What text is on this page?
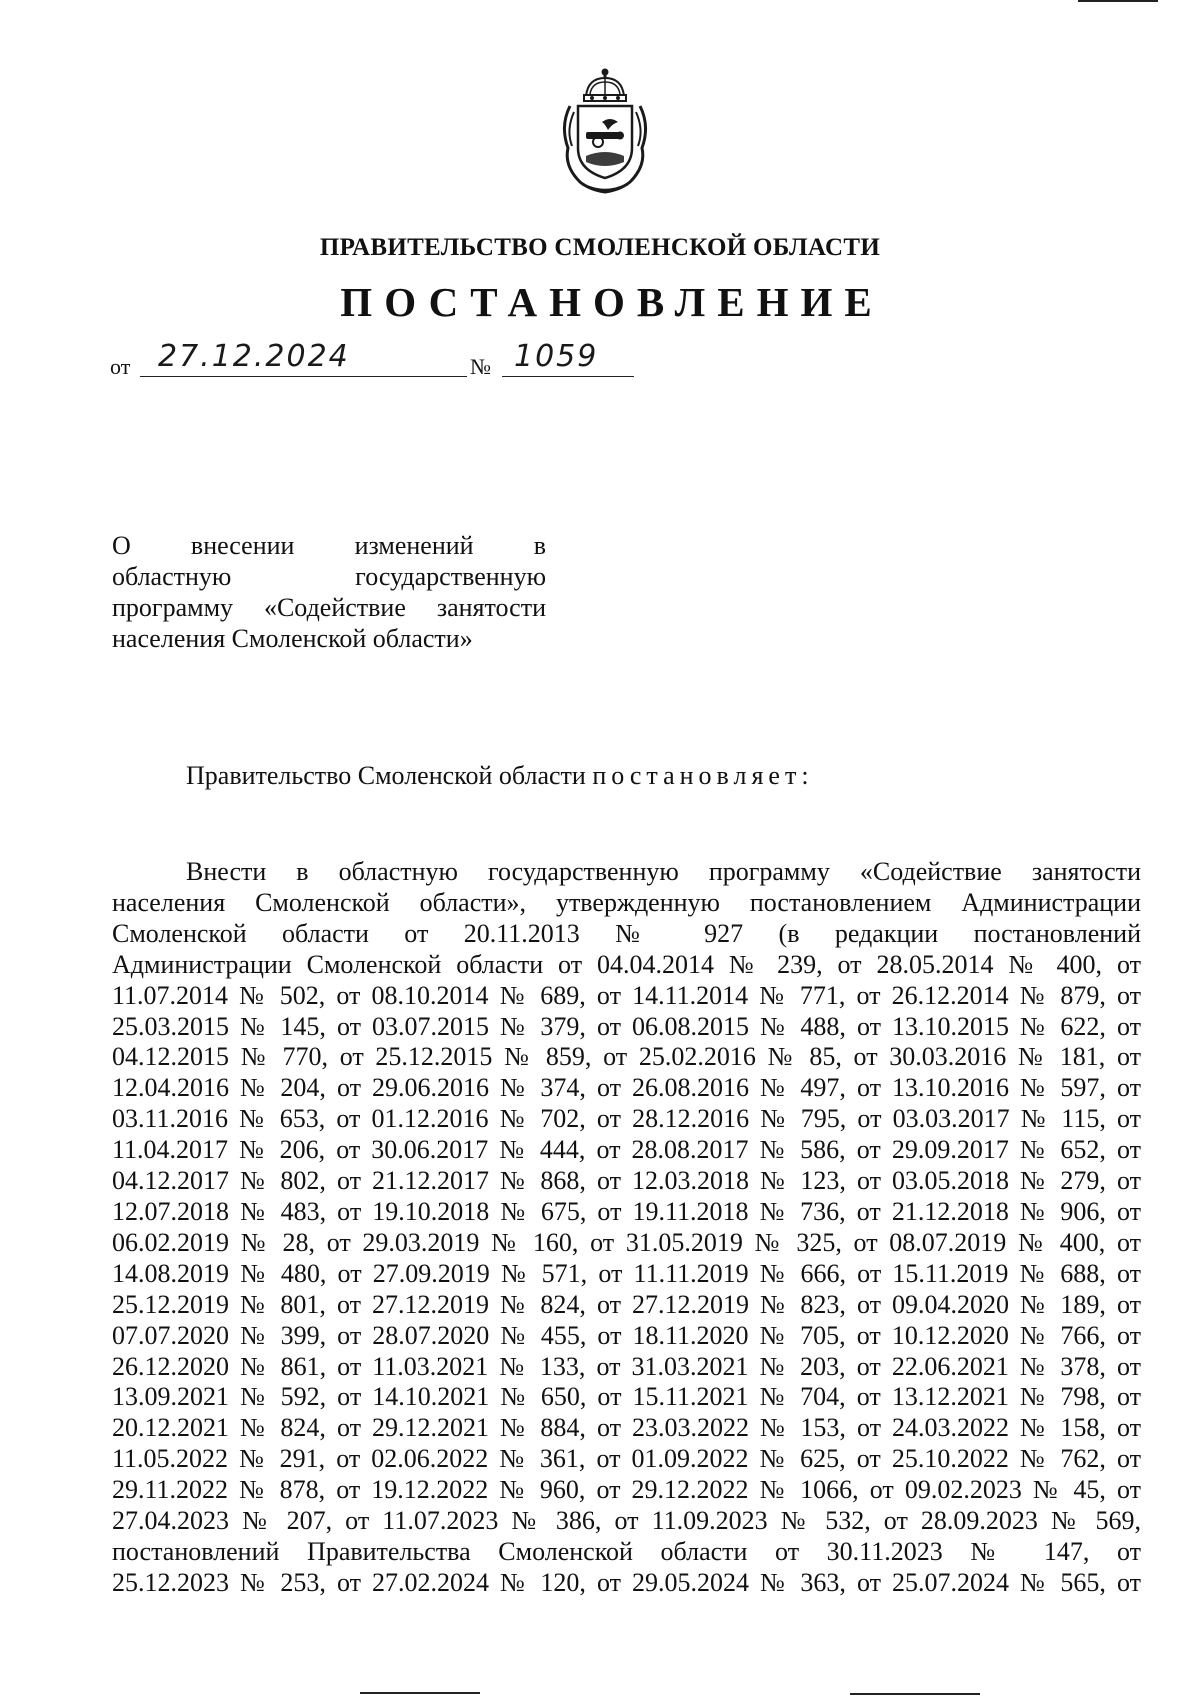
ПРАВИТЕЛЬСТВО СМОЛЕНСКОЙ ОБЛАСТИ
ПОСТАНОВЛЕНИЕ
от 27.12.2024	№ 1059
О внесении изменений в
областную государственную
программу «Содействие занятости
населения Смоленской области»
Правительство Смоленской области постановляет:
Внести в областную государственную программу «Содействие занятости
населения Смоленской области», утвержденную постановлением Администрации
Смоленской области от 20.11.2013 № 927 (в редакции постановлений
Администрации Смоленской области от 04.04.2014 № 239, от 28.05.2014 № 400, от
11.07.2014 № 502, от 08.10.2014 № 689, от 14.11.2014 № 771, от 26.12.2014 № 879, от
25.03.2015 № 145, от 03.07.2015 № 379, от 06.08.2015 № 488, от 13.10.2015 № 622, от
04.12.2015 № 770, от 25.12.2015 № 859, от 25.02.2016 № 85, от 30.03.2016 № 181, от
12.04.2016 № 204, от 29.06.2016 № 374, от 26.08.2016 № 497, от 13.10.2016 № 597, от
03.11.2016 № 653, от 01.12.2016 № 702, от 28.12.2016 № 795, от 03.03.2017 № 115, от
11.04.2017 № 206, от 30.06.2017 № 444, от 28.08.2017 № 586, от 29.09.2017 № 652, от
04.12.2017 № 802, от 21.12.2017 № 868, от 12.03.2018 № 123, от 03.05.2018 № 279, от
12.07.2018 № 483, от 19.10.2018 № 675, от 19.11.2018 № 736, от 21.12.2018 № 906, от
06.02.2019 № 28, от 29.03.2019 № 160, от 31.05.2019 № 325, от 08.07.2019 № 400, от
14.08.2019 № 480, от 27.09.2019 № 571, от 11.11.2019 № 666, от 15.11.2019 № 688, от
25.12.2019 № 801, от 27.12.2019 № 824, от 27.12.2019 № 823, от 09.04.2020 № 189, от
07.07.2020 № 399, от 28.07.2020 № 455, от 18.11.2020 № 705, от 10.12.2020 № 766, от
26.12.2020 № 861, от 11.03.2021 № 133, от 31.03.2021 № 203, от 22.06.2021 № 378, от
13.09.2021 № 592, от 14.10.2021 № 650, от 15.11.2021 № 704, от 13.12.2021 № 798, от
20.12.2021 № 824, от 29.12.2021 № 884, от 23.03.2022 № 153, от 24.03.2022 № 158, от
11.05.2022 № 291, от 02.06.2022 № 361, от 01.09.2022 № 625, от 25.10.2022 № 762, от
29.11.2022 № 878, от 19.12.2022 № 960, от 29.12.2022 № 1066, от 09.02.2023 № 45, от
27.04.2023 № 207, от 11.07.2023 № 386, от 11.09.2023 № 532, от 28.09.2023 № 569,
постановлений Правительства Смоленской области от 30.11.2023 № 147, от
25.12.2023 № 253, от 27.02.2024 № 120, от 29.05.2024 № 363, от 25.07.2024 № 565, от
